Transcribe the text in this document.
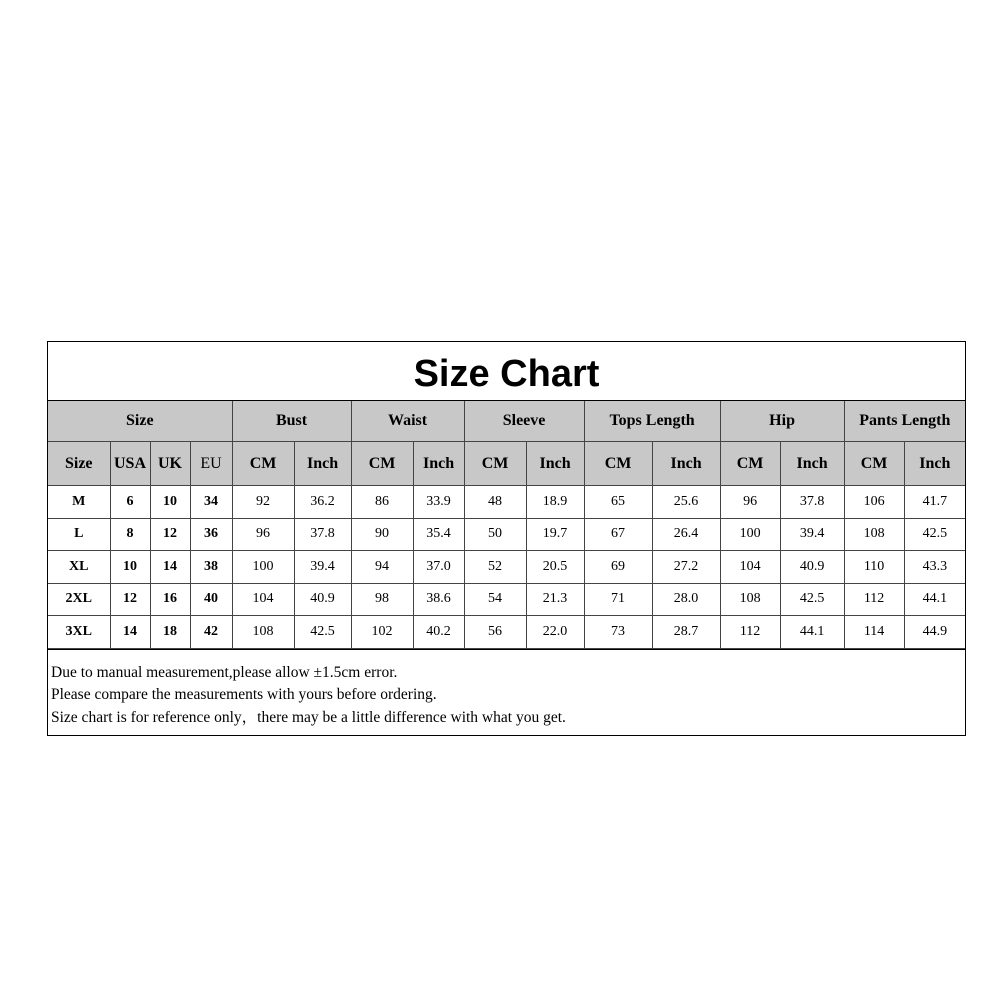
Size Chart
Size				Bust		Waist		Sleeve		Tops Length		Hip		Pants Length	
Size	USA	UK	EU	CM	Inch	CM	Inch	CM	Inch	CM	Inch	CM	Inch	CM	Inch
M	6	10	34	92	36.2	86	33.9	48	18.9	65	25.6	96	37.8	106	41.7
L	8	12	36	96	37.8	90	35.4	50	19.7	67	26.4	100	39.4	108	42.5
XL	10	14	38	100	39.4	94	37.0	52	20.5	69	27.2	104	40.9	110	43.3
2XL	12	16	40	104	40.9	98	38.6	54	21.3	71	28.0	108	42.5	112	44.1
3XL	14	18	42	108	42.5	102	40.2	56	22.0	73	28.7	112	44.1	114	44.9
Due to manual measurement,please allow ±1.5cm error.
Please compare the measurements with yours before ordering.
Size chart is for reference only，there may be a little difference with what you get.
